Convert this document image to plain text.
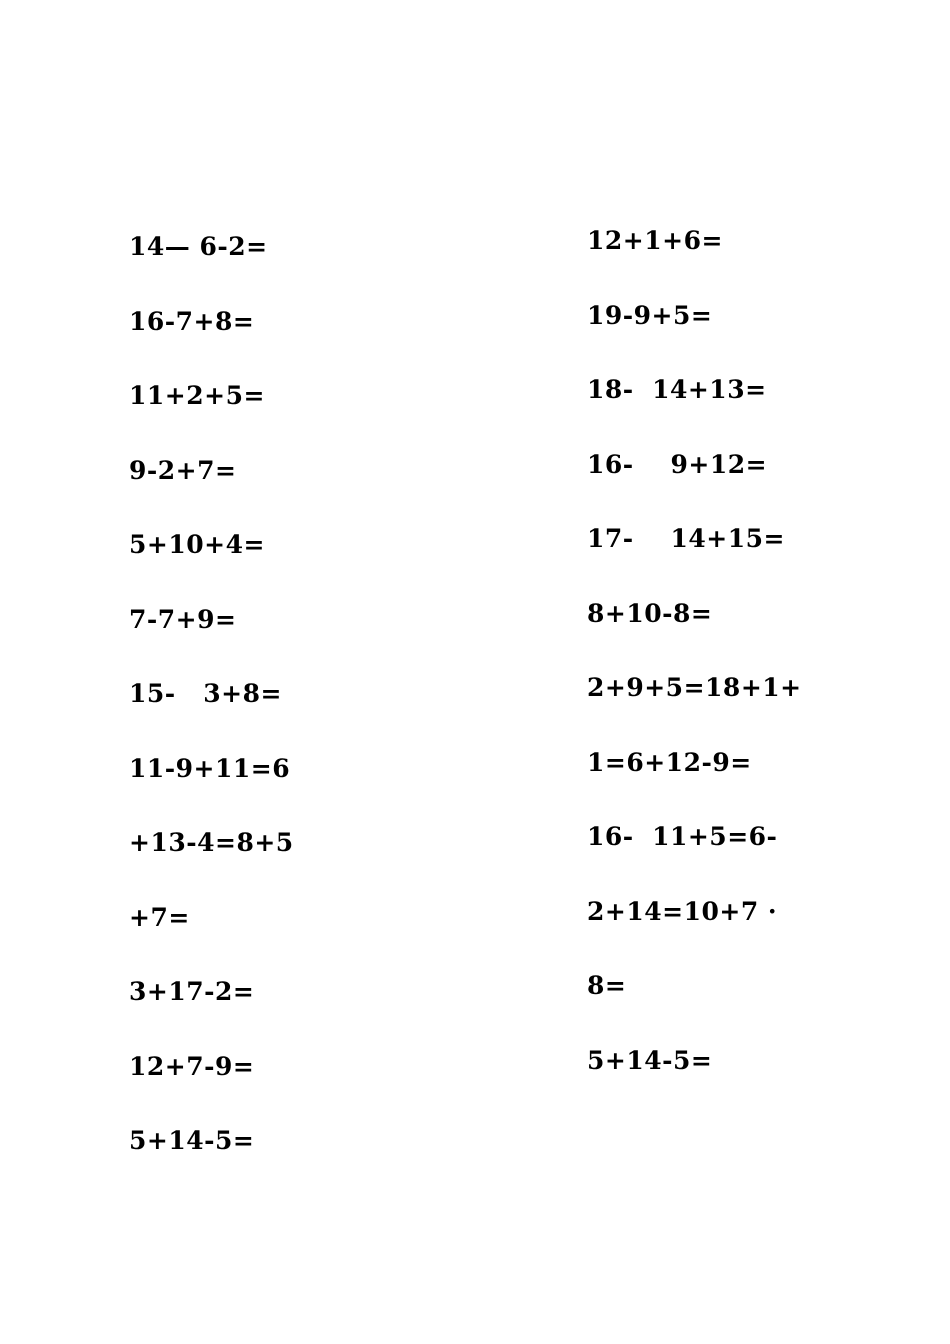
14— 6-2=
16-7+8=
11+2+5=
9-2+7=
5+10+4=
7-7+9=
15-   3+8=
11-9+11=6
+13-4=8+5
+7=
3+17-2=
12+7-9=
5+14-5=
12+1+6=
19-9+5=
18-  14+13=
16-    9+12=
17-    14+15=
8+10-8=
2+9+5=18+1+
1=6+12-9=
16-  11+5=6-
2+14=10+7 ·
8=
5+14-5=
